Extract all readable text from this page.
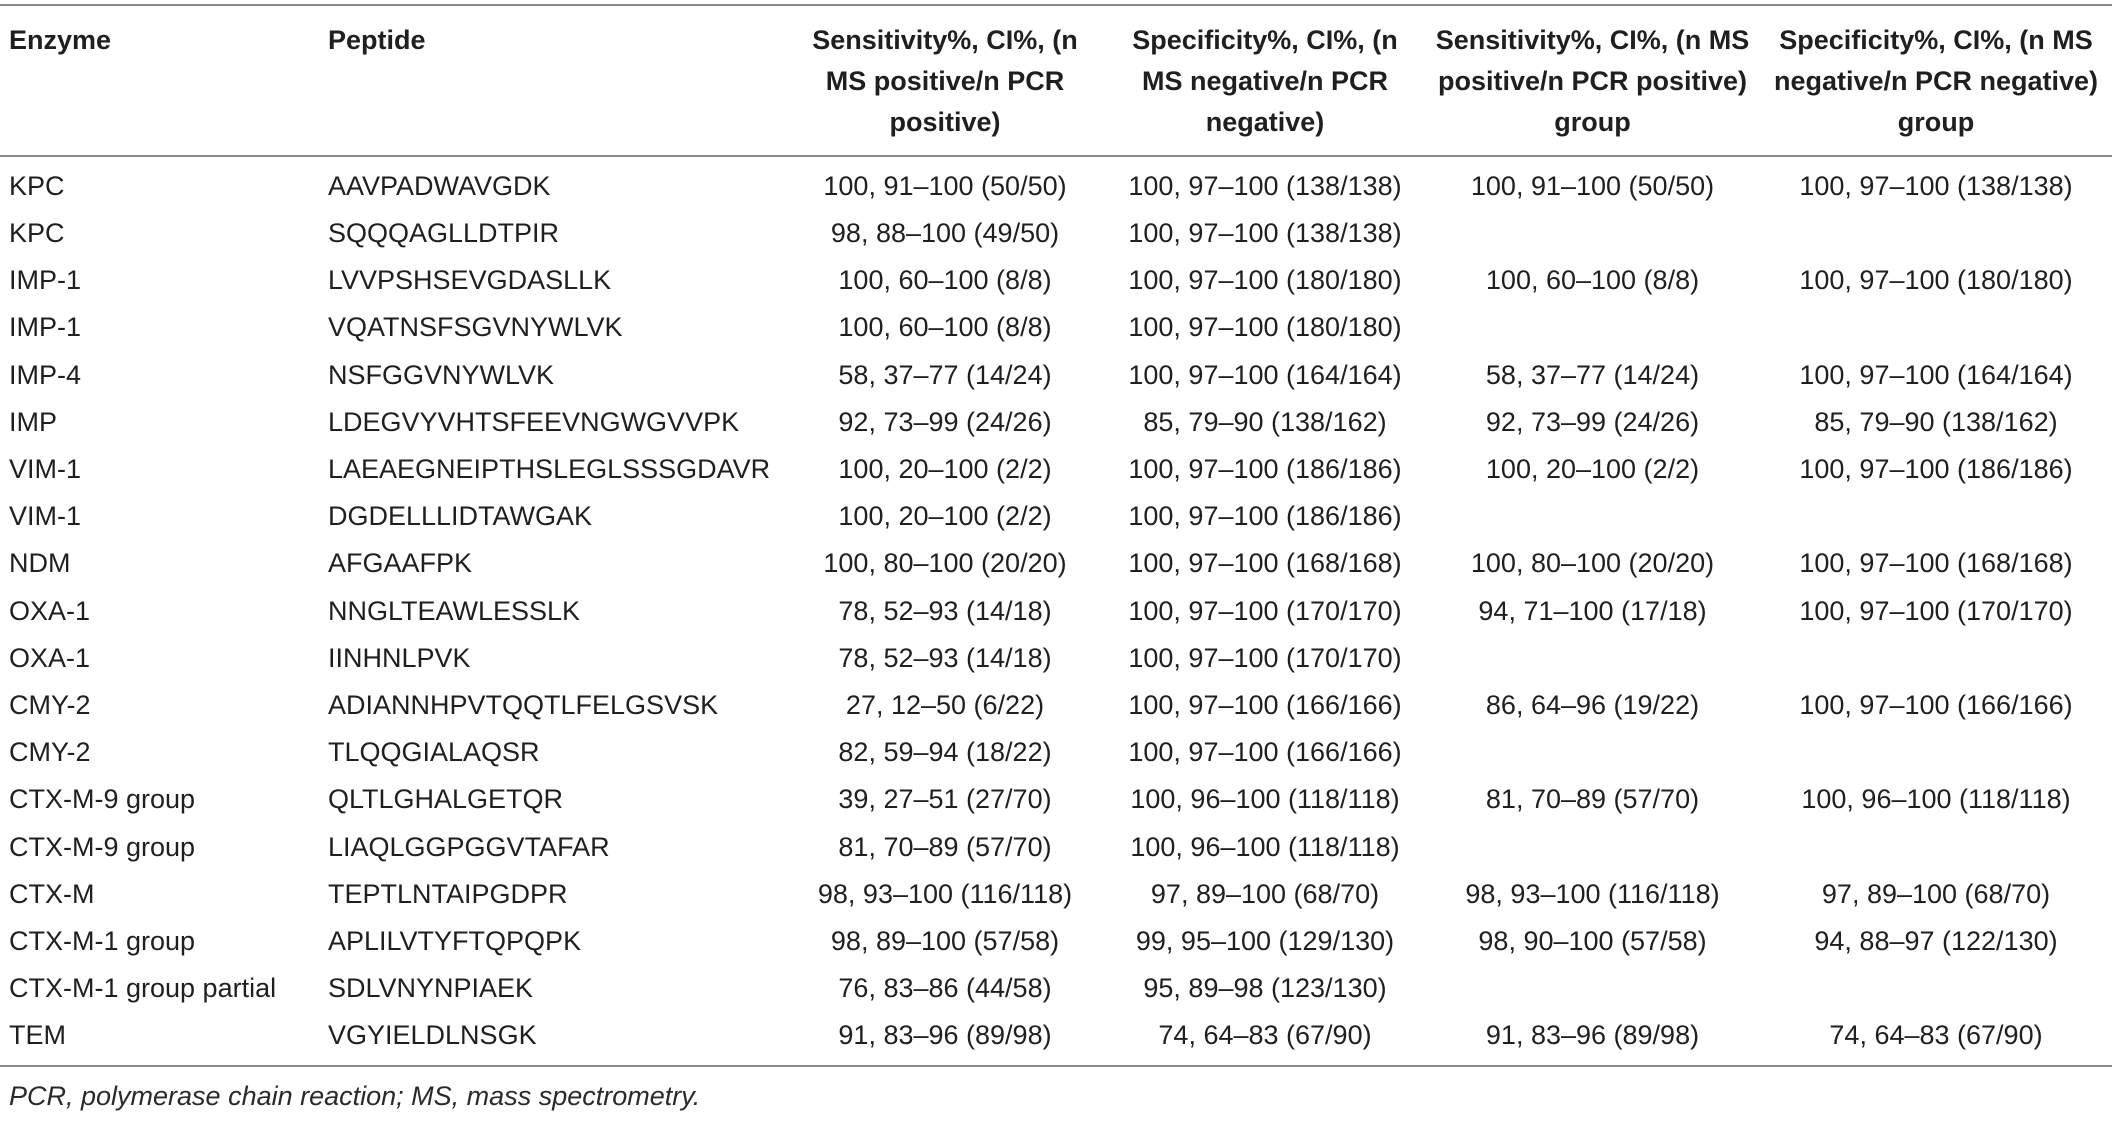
Enzyme	Peptide	Sensitivity%, CI%, (n MS positive/n PCR positive)	Specificity%, CI%, (n MS negative/n PCR negative)	Sensitivity%, CI%, (n MS positive/n PCR positive) group	Specificity%, CI%, (n MS negative/n PCR negative) group
KPC	AAVPADWAVGDK	100, 91–100 (50/50)	100, 97–100 (138/138)	100, 91–100 (50/50)	100, 97–100 (138/138)
KPC	SQQQAGLLDTPIR	98, 88–100 (49/50)	100, 97–100 (138/138)		
IMP-1	LVVPSHSEVGDASLLK	100, 60–100 (8/8)	100, 97–100 (180/180)	100, 60–100 (8/8)	100, 97–100 (180/180)
IMP-1	VQATNSFSGVNYWLVK	100, 60–100 (8/8)	100, 97–100 (180/180)		
IMP-4	NSFGGVNYWLVK	58, 37–77 (14/24)	100, 97–100 (164/164)	58, 37–77 (14/24)	100, 97–100 (164/164)
IMP	LDEGVYVHTSFEEVNGWGVVPK	92, 73–99 (24/26)	85, 79–90 (138/162)	92, 73–99 (24/26)	85, 79–90 (138/162)
VIM-1	LAEAEGNEIPTHSLEGLSSSGDAVR	100, 20–100 (2/2)	100, 97–100 (186/186)	100, 20–100 (2/2)	100, 97–100 (186/186)
VIM-1	DGDELLLIDTAWGAK	100, 20–100 (2/2)	100, 97–100 (186/186)		
NDM	AFGAAFPK	100, 80–100 (20/20)	100, 97–100 (168/168)	100, 80–100 (20/20)	100, 97–100 (168/168)
OXA-1	NNGLTEAWLESSLK	78, 52–93 (14/18)	100, 97–100 (170/170)	94, 71–100 (17/18)	100, 97–100 (170/170)
OXA-1	IINHNLPVK	78, 52–93 (14/18)	100, 97–100 (170/170)		
CMY-2	ADIANNHPVTQQTLFELGSVSK	27, 12–50 (6/22)	100, 97–100 (166/166)	86, 64–96 (19/22)	100, 97–100 (166/166)
CMY-2	TLQQGIALAQSR	82, 59–94 (18/22)	100, 97–100 (166/166)		
CTX-M-9 group	QLTLGHALGETQR	39, 27–51 (27/70)	100, 96–100 (118/118)	81, 70–89 (57/70)	100, 96–100 (118/118)
CTX-M-9 group	LIAQLGGPGGVTAFAR	81, 70–89 (57/70)	100, 96–100 (118/118)		
CTX-M	TEPTLNTAIPGDPR	98, 93–100 (116/118)	97, 89–100 (68/70)	98, 93–100 (116/118)	97, 89–100 (68/70)
CTX-M-1 group	APLILVTYFTQPQPK	98, 89–100 (57/58)	99, 95–100 (129/130)	98, 90–100 (57/58)	94, 88–97 (122/130)
CTX-M-1 group partial	SDLVNYNPIAEK	76, 83–86 (44/58)	95, 89–98 (123/130)		
TEM	VGYIELDLNSGK	91, 83–96 (89/98)	74, 64–83 (67/90)	91, 83–96 (89/98)	74, 64–83 (67/90)
PCR, polymerase chain reaction; MS, mass spectrometry.
